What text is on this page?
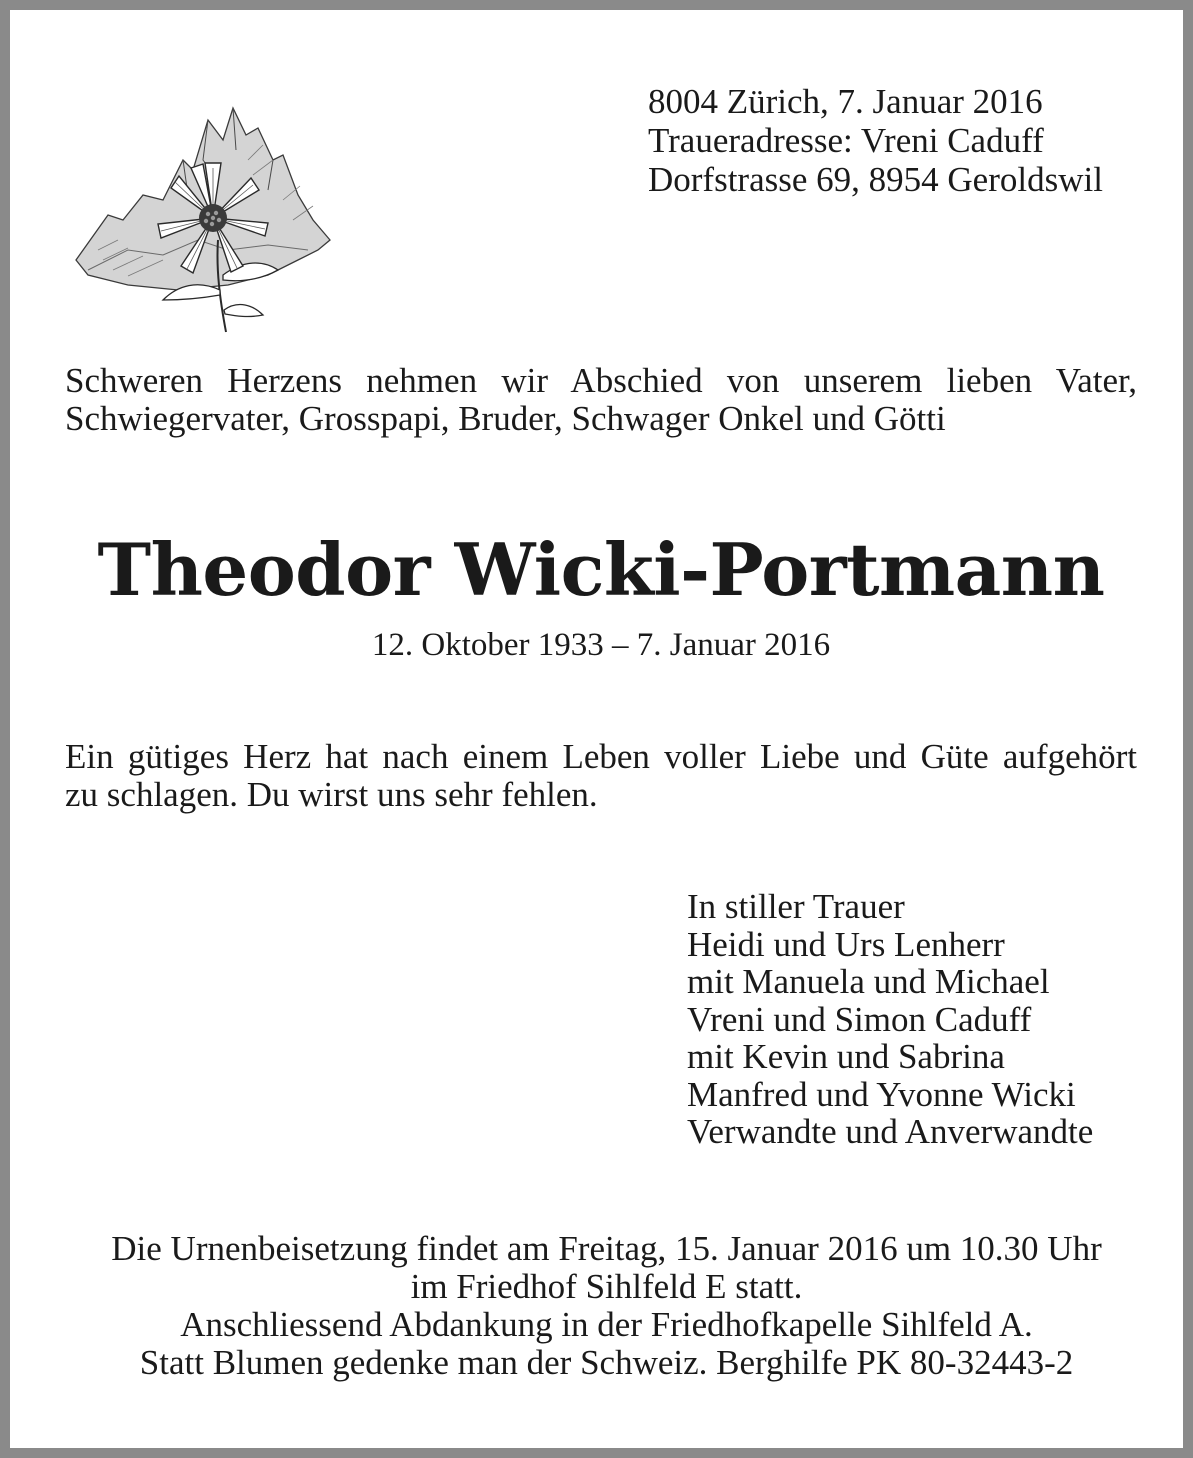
8004 Zürich, 7. Januar 2016
Traueradresse: Vreni Caduff
Dorfstrasse 69, 8954 Geroldswil
Schweren Herzens nehmen wir Abschied von unserem lieben Vater,
Schwiegervater, Grosspapi, Bruder, Schwager Onkel und Götti
Theodor Wicki-Portmann
12. Oktober 1933 – 7. Januar 2016
Ein gütiges Herz hat nach einem Leben voller Liebe und Güte aufgehört
zu schlagen. Du wirst uns sehr fehlen.
In stiller Trauer
Heidi und Urs Lenherr
mit Manuela und Michael
Vreni und Simon Caduff
mit Kevin und Sabrina
Manfred und Yvonne Wicki
Verwandte und Anverwandte
Die Urnenbeisetzung findet am Freitag, 15. Januar 2016 um 10.30 Uhr
im Friedhof Sihlfeld E statt.
Anschliessend Abdankung in der Friedhofkapelle Sihlfeld A.
Statt Blumen gedenke man der Schweiz. Berghilfe PK 80-32443-2
